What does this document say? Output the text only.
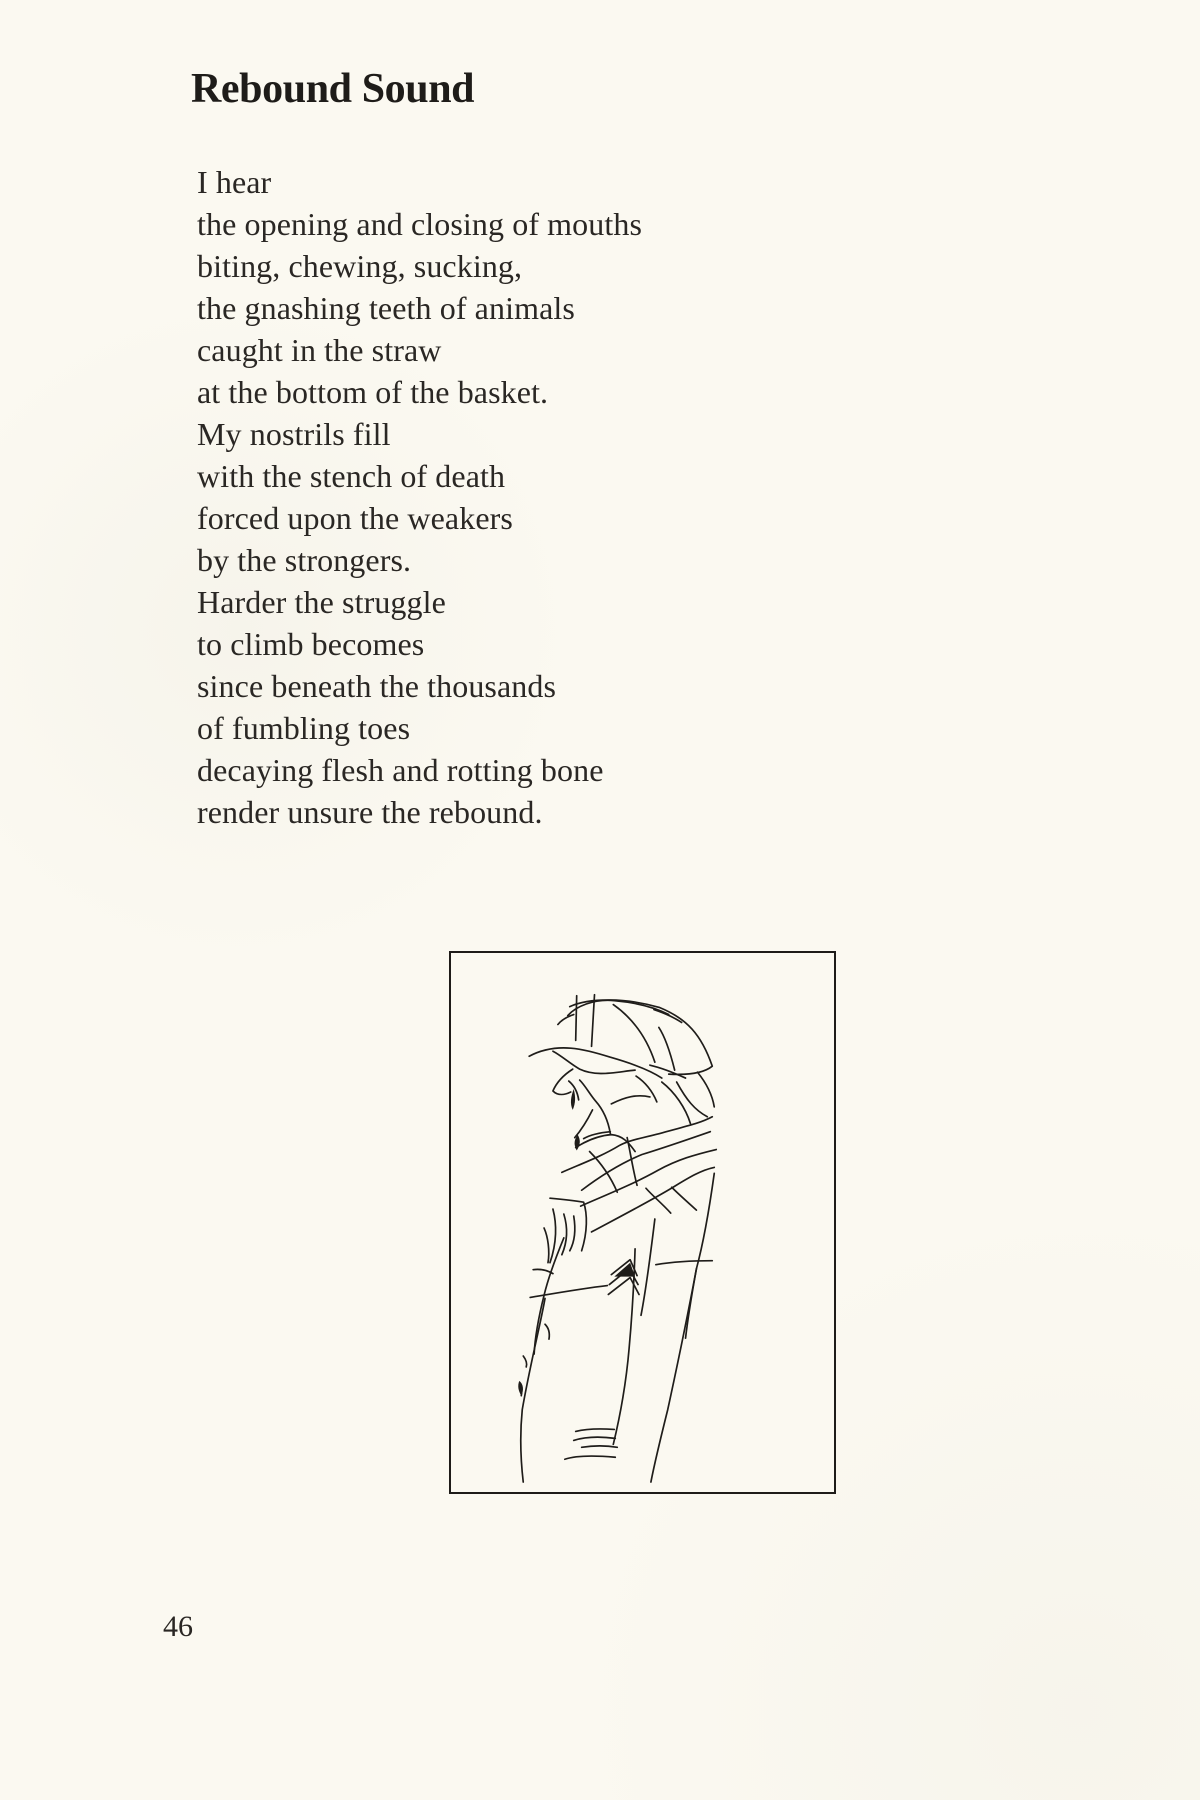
Rebound Sound
I hear
the opening and closing of mouths
biting, chewing, sucking,
the gnashing teeth of animals
caught in the straw
at the bottom of the basket.
My nostrils fill
with the stench of death
forced upon the weakers
by the strongers.
Harder the struggle
to climb becomes
since beneath the thousands
of fumbling toes
decaying flesh and rotting bone
render unsure the rebound.

46
